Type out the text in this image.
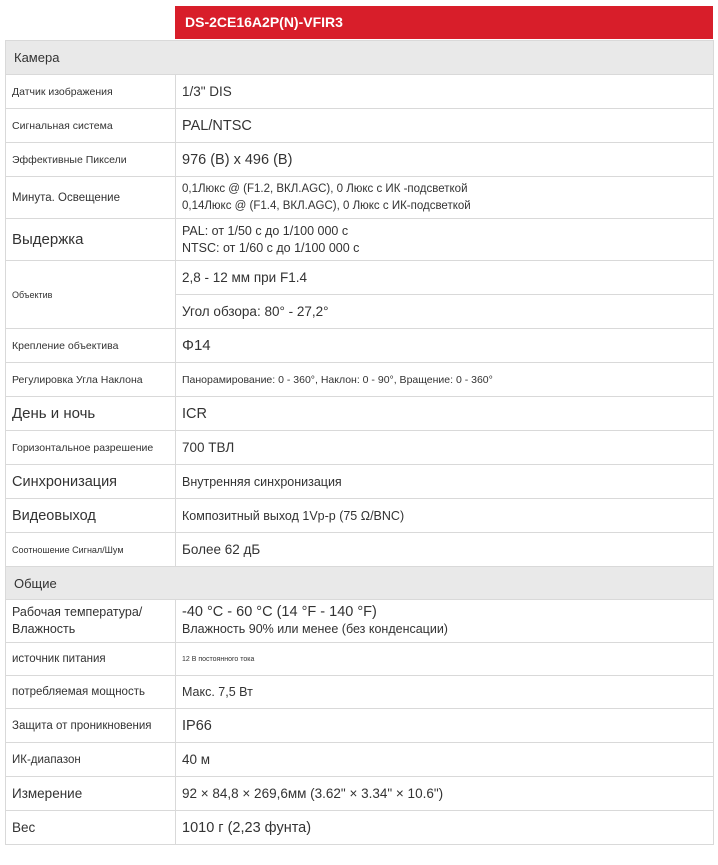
DS-2CE16A2P(N)-VFIR3
Камера	
Датчик изображения	1/3" DIS
Сигнальная система	PAL/NTSC
Эффективные Пиксели	976 (B) x 496 (B)
Минута. Освещение	0,1Люкс @ (F1.2, ВКЛ.AGC), 0 Люкс с ИК -подсветкой
0,14Люкс @ (F1.4, ВКЛ.AGC), 0 Люкс с ИК-подсветкой

Выдержка	PAL: от 1/50 с до 1/100 000 с
NTSC: от 1/60 с до 1/100 000 с

Объектив	2,8 - 12 мм при F1.4
	Угол обзора: 80° - 27,2°
Крепление объектива	Φ14
Регулировка Угла Наклона	Панорамирование: 0 - 360°, Наклон: 0 - 90°, Вращение: 0 - 360°
День и ночь	ICR
Горизонтальное разрешение	700 ТВЛ
Синхронизация	Внутренняя синхронизация
Видеовыход	Композитный выход 1Vp-p (75 Ω/BNC)
Соотношение Сигнал/Шум	Более 62 дБ
Общие	

Рабочая температура/
Влажность	-40 °C - 60 °C (14 °F - 140 °F)
Влажность 90% или менее (без конденсации)

источник питания	12 В постоянного тока
потребляемая мощность	Макс. 7,5 Вт
Защита от проникновения	IP66
ИК-диапазон	40 м
Измерение	92 × 84,8 × 269,6мм (3.62" × 3.34" × 10.6")
Вес	1010 г (2,23 фунта)
